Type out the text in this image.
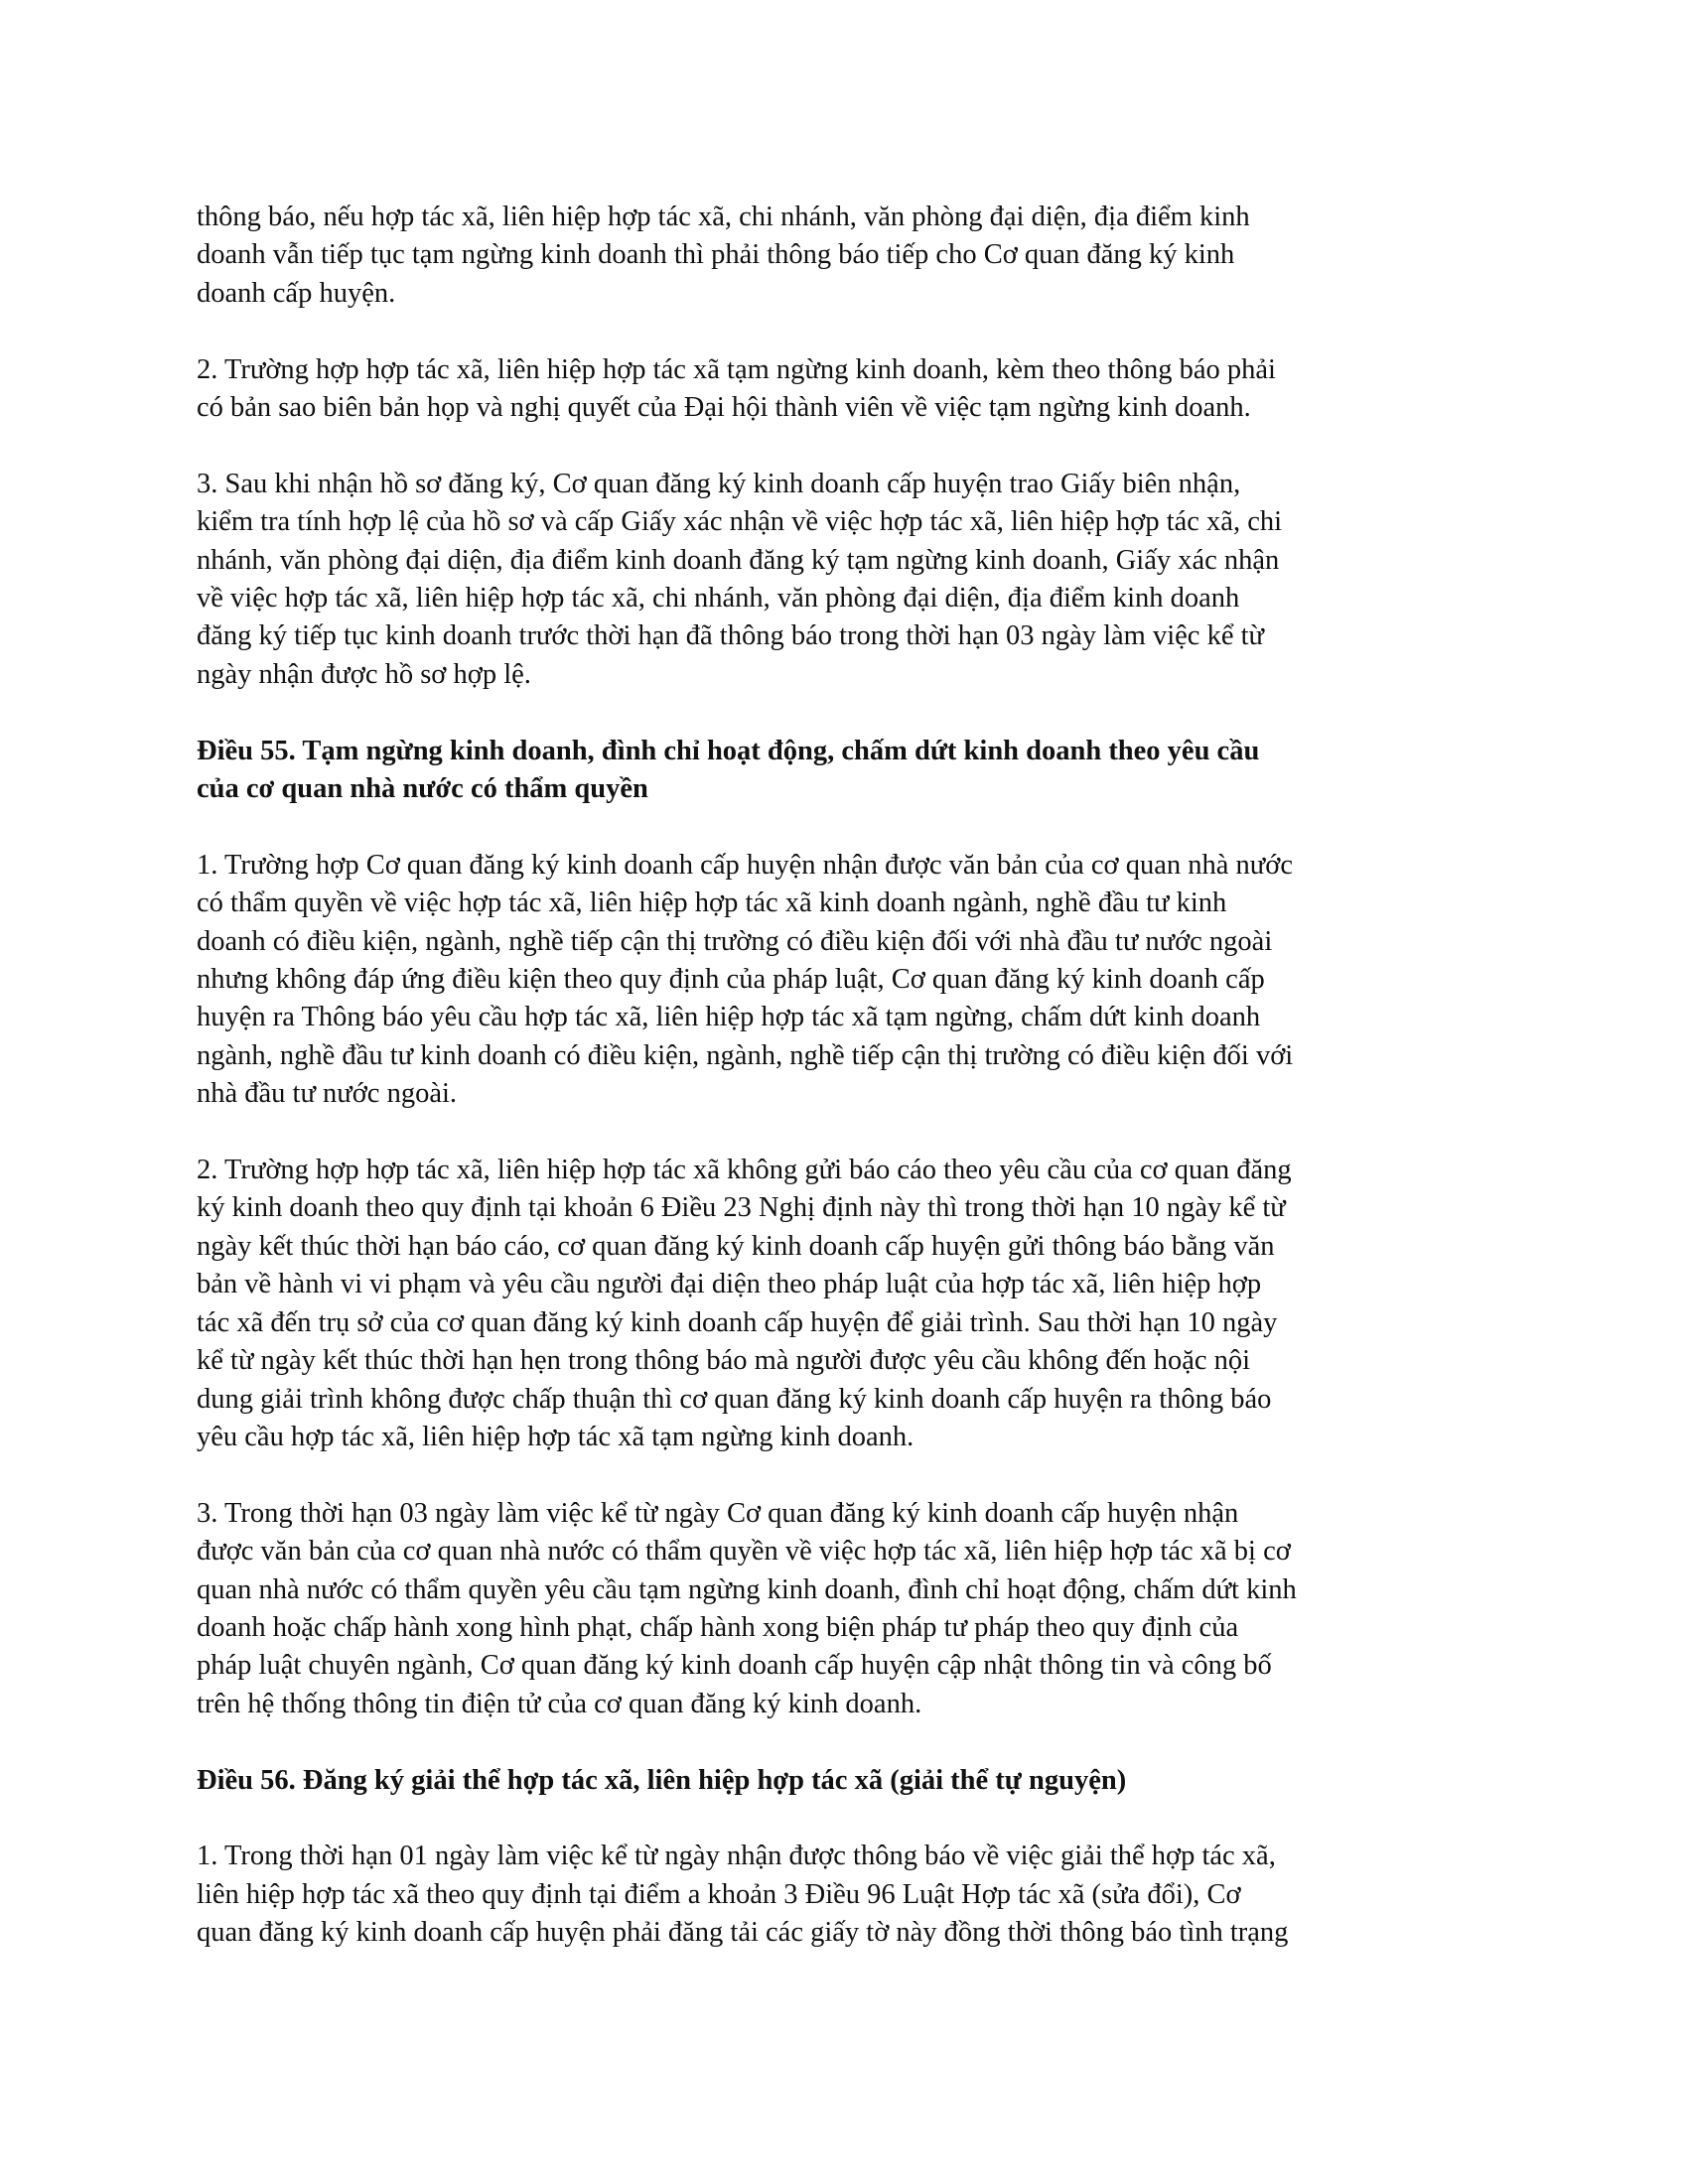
thông báo, nếu hợp tác xã, liên hiệp hợp tác xã, chi nhánh, văn phòng đại diện, địa điểm kinh
doanh vẫn tiếp tục tạm ngừng kinh doanh thì phải thông báo tiếp cho Cơ quan đăng ký kinh
doanh cấp huyện.
2. Trường hợp hợp tác xã, liên hiệp hợp tác xã tạm ngừng kinh doanh, kèm theo thông báo phải
có bản sao biên bản họp và nghị quyết của Đại hội thành viên về việc tạm ngừng kinh doanh.
3. Sau khi nhận hồ sơ đăng ký, Cơ quan đăng ký kinh doanh cấp huyện trao Giấy biên nhận,
kiểm tra tính hợp lệ của hồ sơ và cấp Giấy xác nhận về việc hợp tác xã, liên hiệp hợp tác xã, chi
nhánh, văn phòng đại diện, địa điểm kinh doanh đăng ký tạm ngừng kinh doanh, Giấy xác nhận
về việc hợp tác xã, liên hiệp hợp tác xã, chi nhánh, văn phòng đại diện, địa điểm kinh doanh
đăng ký tiếp tục kinh doanh trước thời hạn đã thông báo trong thời hạn 03 ngày làm việc kể từ
ngày nhận được hồ sơ hợp lệ.
Điều 55. Tạm ngừng kinh doanh, đình chỉ hoạt động, chấm dứt kinh doanh theo yêu cầu
của cơ quan nhà nước có thẩm quyền
1. Trường hợp Cơ quan đăng ký kinh doanh cấp huyện nhận được văn bản của cơ quan nhà nước
có thẩm quyền về việc hợp tác xã, liên hiệp hợp tác xã kinh doanh ngành, nghề đầu tư kinh
doanh có điều kiện, ngành, nghề tiếp cận thị trường có điều kiện đối với nhà đầu tư nước ngoài
nhưng không đáp ứng điều kiện theo quy định của pháp luật, Cơ quan đăng ký kinh doanh cấp
huyện ra Thông báo yêu cầu hợp tác xã, liên hiệp hợp tác xã tạm ngừng, chấm dứt kinh doanh
ngành, nghề đầu tư kinh doanh có điều kiện, ngành, nghề tiếp cận thị trường có điều kiện đối với
nhà đầu tư nước ngoài.
2. Trường hợp hợp tác xã, liên hiệp hợp tác xã không gửi báo cáo theo yêu cầu của cơ quan đăng
ký kinh doanh theo quy định tại khoản 6 Điều 23 Nghị định này thì trong thời hạn 10 ngày kể từ
ngày kết thúc thời hạn báo cáo, cơ quan đăng ký kinh doanh cấp huyện gửi thông báo bằng văn
bản về hành vi vi phạm và yêu cầu người đại diện theo pháp luật của hợp tác xã, liên hiệp hợp
tác xã đến trụ sở của cơ quan đăng ký kinh doanh cấp huyện để giải trình. Sau thời hạn 10 ngày
kể từ ngày kết thúc thời hạn hẹn trong thông báo mà người được yêu cầu không đến hoặc nội
dung giải trình không được chấp thuận thì cơ quan đăng ký kinh doanh cấp huyện ra thông báo
yêu cầu hợp tác xã, liên hiệp hợp tác xã tạm ngừng kinh doanh.
3. Trong thời hạn 03 ngày làm việc kể từ ngày Cơ quan đăng ký kinh doanh cấp huyện nhận
được văn bản của cơ quan nhà nước có thẩm quyền về việc hợp tác xã, liên hiệp hợp tác xã bị cơ
quan nhà nước có thẩm quyền yêu cầu tạm ngừng kinh doanh, đình chỉ hoạt động, chấm dứt kinh
doanh hoặc chấp hành xong hình phạt, chấp hành xong biện pháp tư pháp theo quy định của
pháp luật chuyên ngành, Cơ quan đăng ký kinh doanh cấp huyện cập nhật thông tin và công bố
trên hệ thống thông tin điện tử của cơ quan đăng ký kinh doanh.
Điều 56. Đăng ký giải thể hợp tác xã, liên hiệp hợp tác xã (giải thể tự nguyện)
1. Trong thời hạn 01 ngày làm việc kể từ ngày nhận được thông báo về việc giải thể hợp tác xã,
liên hiệp hợp tác xã theo quy định tại điểm a khoản 3 Điều 96 Luật Hợp tác xã (sửa đổi), Cơ
quan đăng ký kinh doanh cấp huyện phải đăng tải các giấy tờ này đồng thời thông báo tình trạng
